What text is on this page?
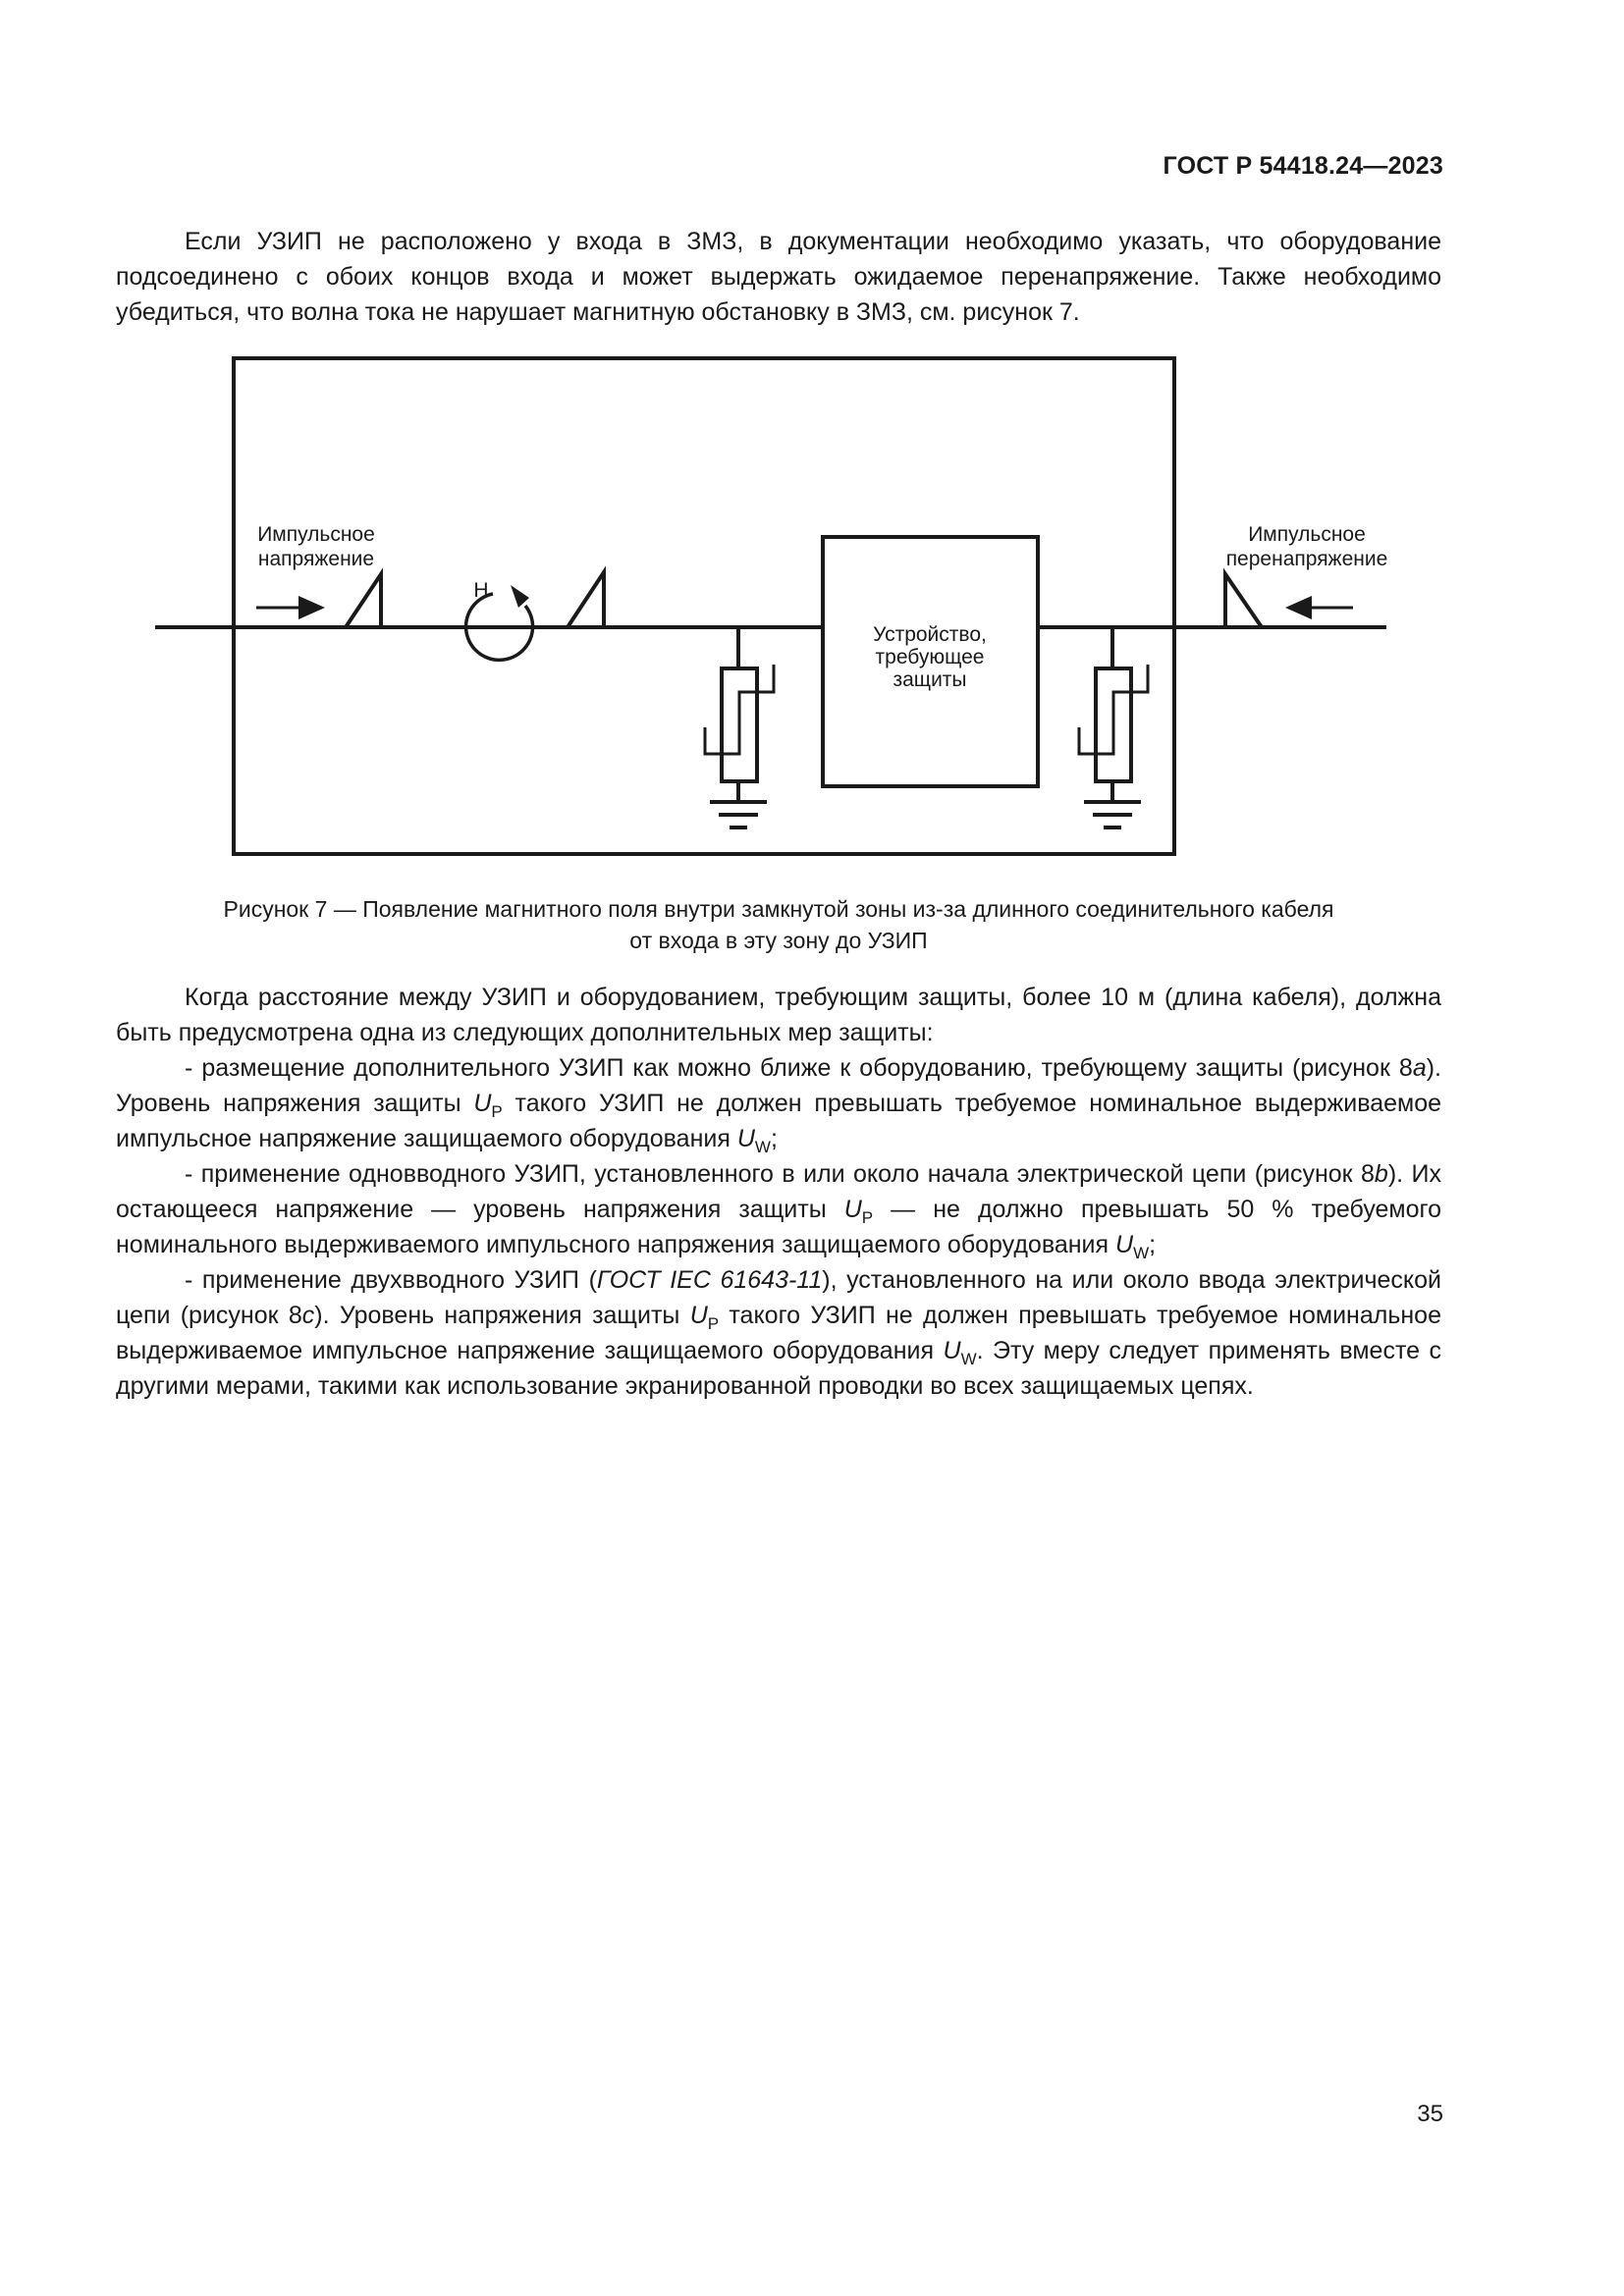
ГОСТ Р 54418.24—2023

Если УЗИП не расположено у входа в ЗМЗ, в документации необходимо указать, что оборудование подсоединено с обоих концов входа и может выдержать ожидаемое перенапряжение. Также необходимо убедиться, что волна тока не нарушает магнитную обстановку в ЗМЗ, см. рисунок 7.

Импульсное
напряжение
Импульсное
перенапряжение
H
Устройство,
требующее
защиты
Рисунок 7 — Появление магнитного поля внутри замкнутой зоны из-за длинного соединительного кабеля
от входа в эту зону до УЗИП

Когда расстояние между УЗИП и оборудованием, требующим защиты, более 10 м (длина кабеля), должна быть предусмотрена одна из следующих дополнительных мер защиты:

- размещение дополнительного УЗИП как можно ближе к оборудованию, требующему защиты (рисунок 8a). Уровень напряжения защиты $U_P$ такого УЗИП не должен превышать требуемое номинальное выдерживаемое импульсное напряжение защищаемого оборудования $U_W$;

- применение одновводного УЗИП, установленного в или около начала электрической цепи (рисунок 8b). Их остающееся напряжение — уровень напряжения защиты $U_P$ — не должно превышать 50 % требуемого номинального выдерживаемого импульсного напряжения защищаемого оборудования $U_W$;

- применение двухвводного УЗИП (ГОСТ IEC 61643-11), установленного на или около ввода электрической цепи (рисунок 8c). Уровень напряжения защиты $U_P$ такого УЗИП не должен превышать требуемое номинальное выдерживаемое импульсное напряжение защищаемого оборудования $U_W$. Эту меру следует применять вместе с другими мерами, такими как использование экранированной проводки во всех защищаемых цепях.

35
